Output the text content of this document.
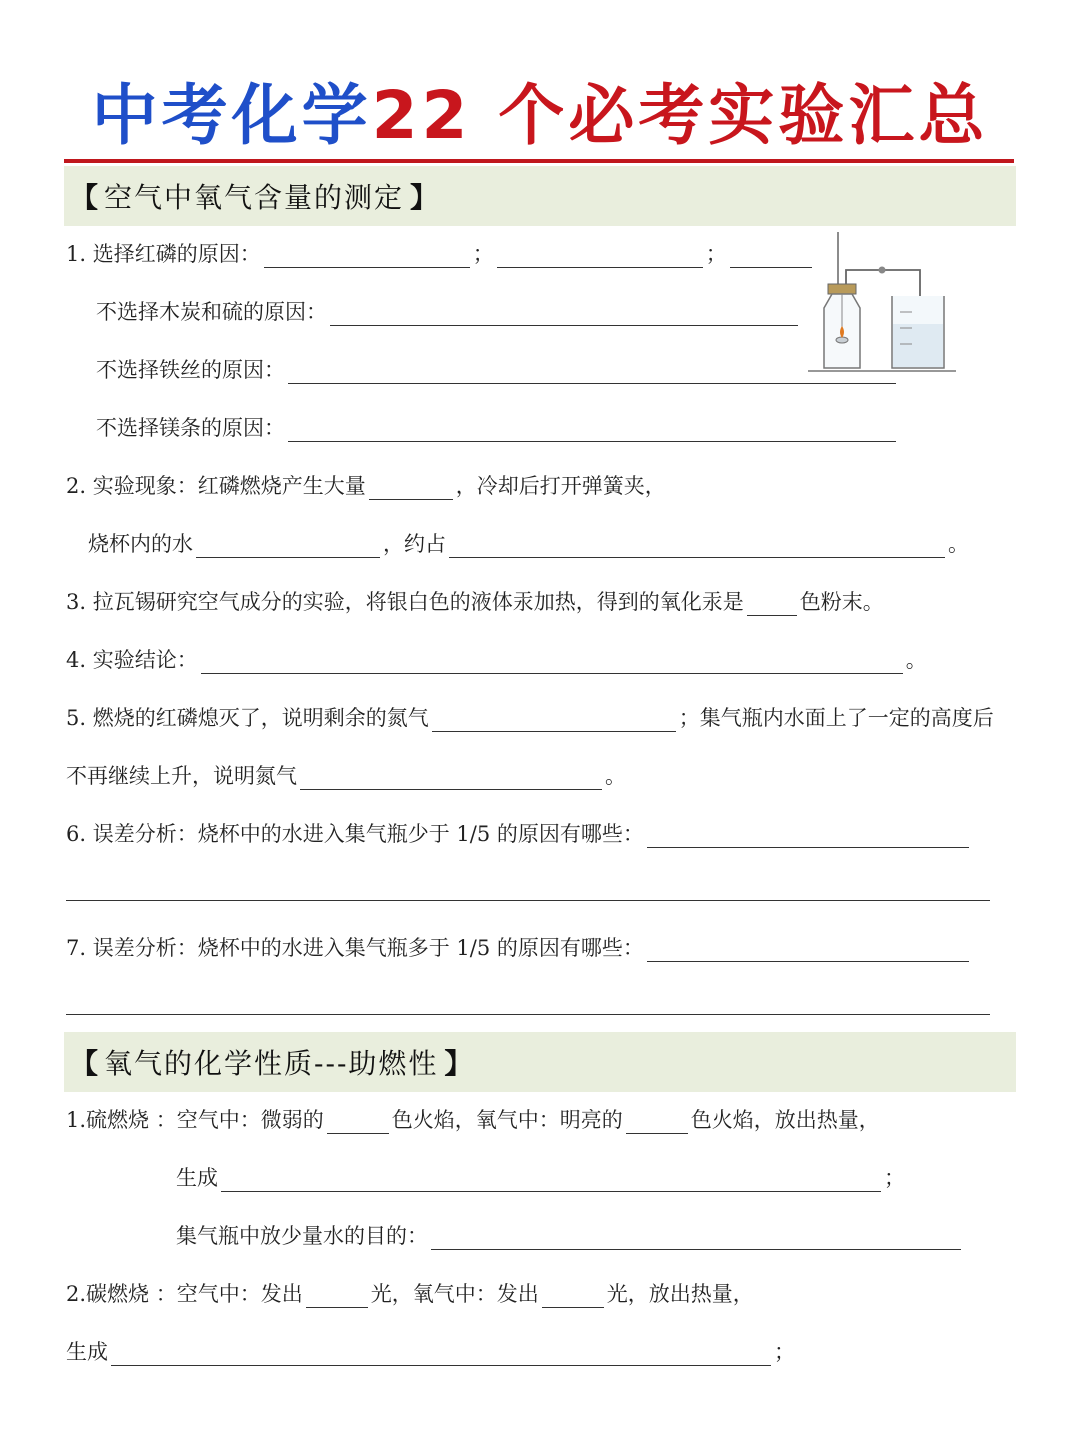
中考化学22 个必考实验汇总
【 空气中氧气含量的测定 】
1. 选择红磷的原因：	；	；
不选择木炭和硫的原因：
不选择铁丝的原因：
不选择镁条的原因：
2. 实验现象：红磷燃烧产生大量	，冷却后打开弹簧夹，
烧杯内的水	，约占	。
3. 拉瓦锡研究空气成分的实验，将银白色的液体汞加热，得到的氧化汞是	色粉末。
4. 实验结论：	。
5. 燃烧的红磷熄灭了，说明剩余的氮气	；集气瓶内水面上了一定的高度后
不再继续上升，说明氮气	。
6. 误差分析：烧杯中的水进入集气瓶少于 1/5 的原因有哪些：
7. 误差分析：烧杯中的水进入集气瓶多于 1/5 的原因有哪些：
【 氧气的化学性质---助燃性 】
1.硫燃烧 ：空气中：微弱的	色火焰，氧气中：明亮的	色火焰，放出热量，
生成	；
集气瓶中放少量水的目的：
2.碳燃烧 ：空气中：发出	光，氧气中：发出	光，放出热量，
生成	；
